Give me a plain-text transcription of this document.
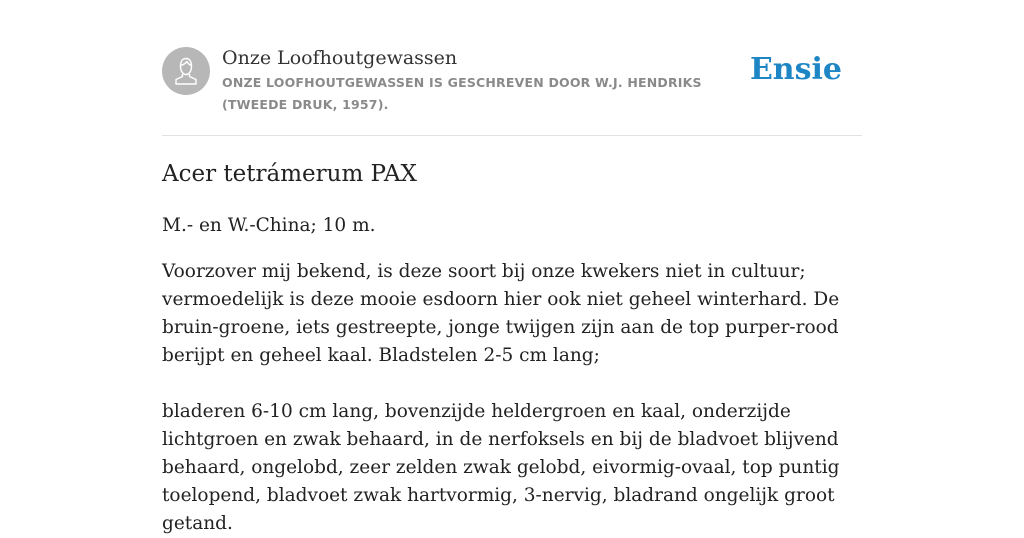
Onze Loofhoutgewassen
ONZE LOOFHOUTGEWASSEN IS GESCHREVEN DOOR W.J. HENDRIKS (TWEEDE DRUK, 1957).
Ensie
Acer tetrámerum PAX

M.- en W.-China; 10 m.

Voorzover mij bekend, is deze soort bij onze kwekers niet in cultuur; vermoedelijk is deze mooie esdoorn hier ook niet geheel winterhard. De bruin-groene, iets gestreepte, jonge twijgen zijn aan de top purper-rood berijpt en geheel kaal. Bladstelen 2-5 cm lang;

bladeren 6-10 cm lang, bovenzijde heldergroen en kaal, onderzijde lichtgroen en zwak behaard, in de nerfoksels en bij de bladvoet blijvend behaard, ongelobd, zeer zelden zwak gelobd, eivormig-ovaal, top puntig toelopend, bladvoet zwak hartvormig, 3-nervig, bladrand ongelijk groot getand.
